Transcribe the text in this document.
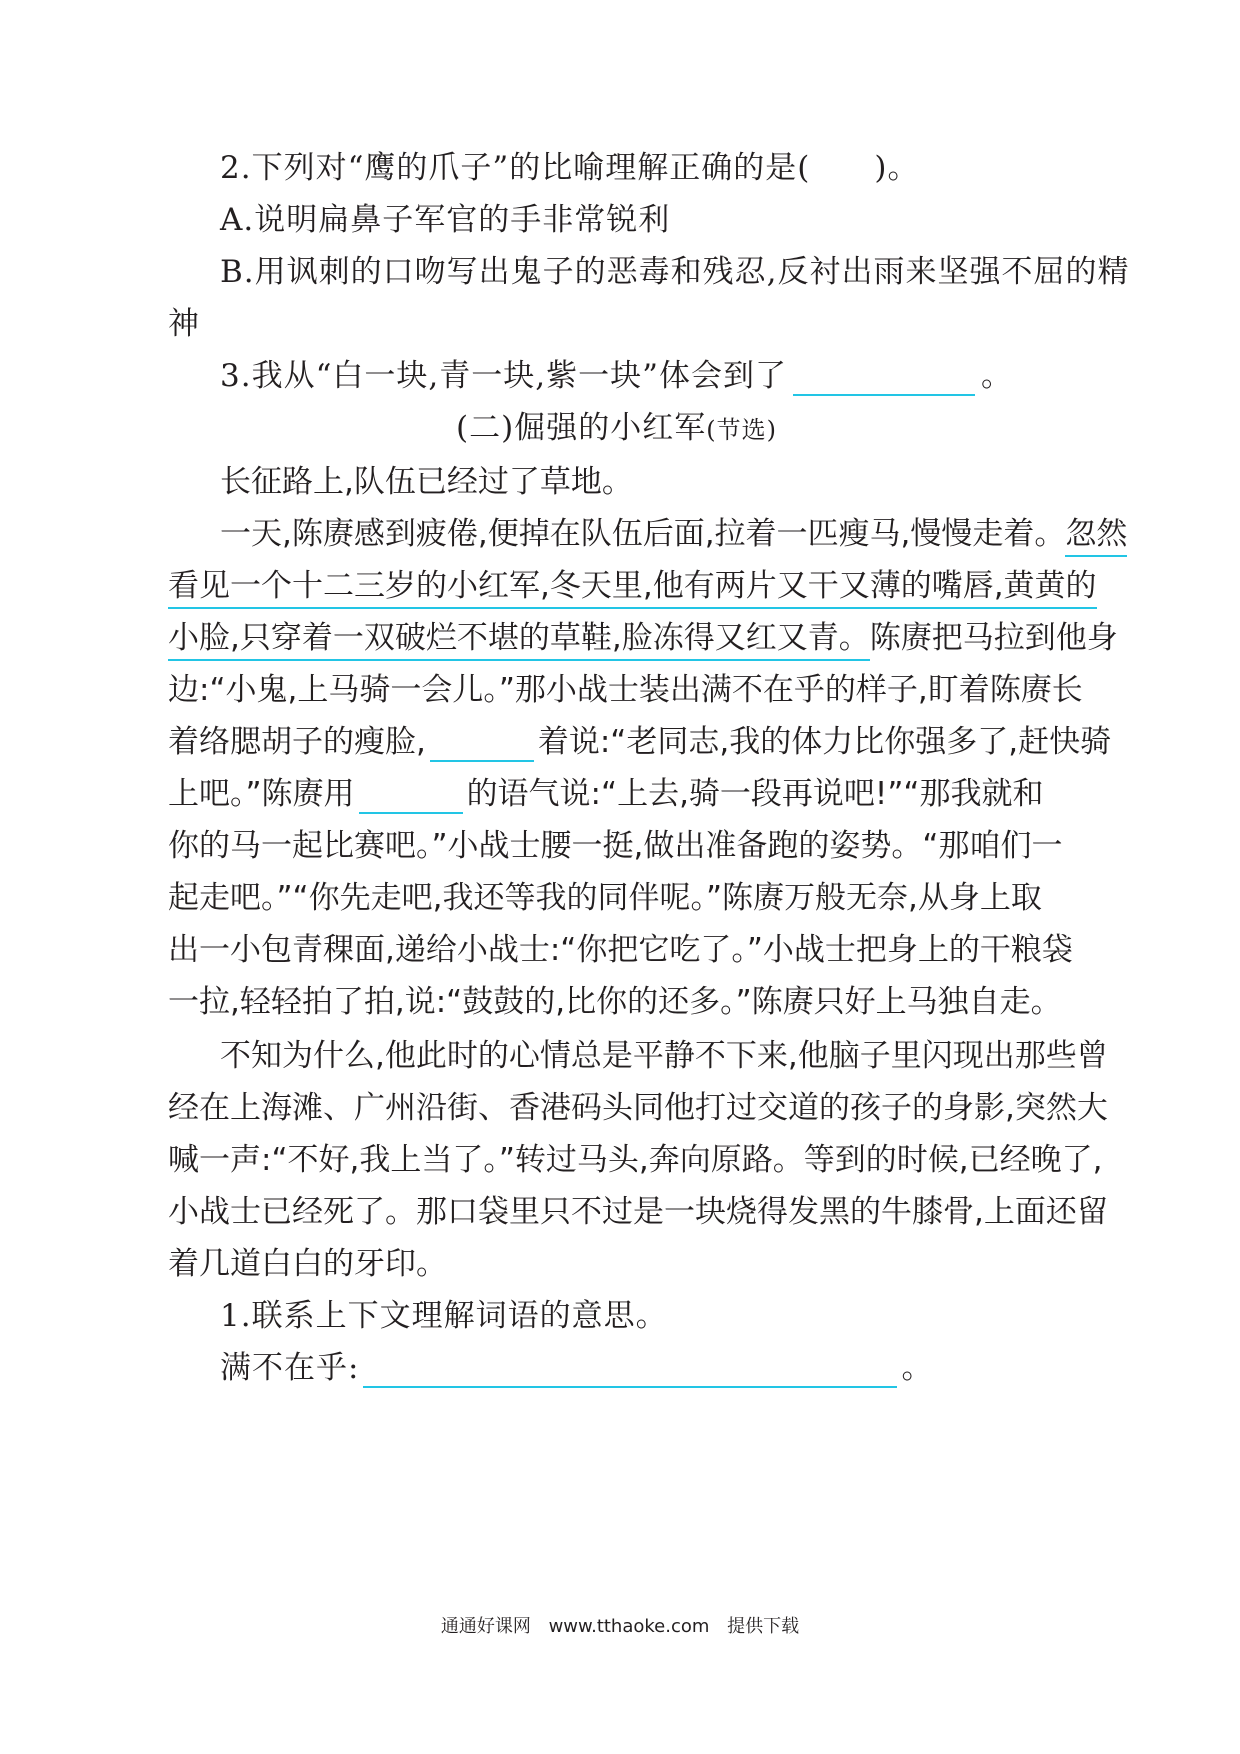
2.下列对“鹰的爪子”的比喻理解正确的是(　　)。
A.说明扁鼻子军官的手非常锐利
B.用讽刺的口吻写出鬼子的恶毒和残忍,反衬出雨来坚强不屈的精
神
3.我从“白一块,青一块,紫一块”体会到了	。
(二)倔强的小红军(节选)
长征路上,队伍已经过了草地。
一天,陈赓感到疲倦,便掉在队伍后面,拉着一匹瘦马,慢慢走着。忽然
看见一个十二三岁的小红军,冬天里,他有两片又干又薄的嘴唇,黄黄的
小脸,只穿着一双破烂不堪的草鞋,脸冻得又红又青。陈赓把马拉到他身
边:“小鬼,上马骑一会儿。”那小战士装出满不在乎的样子,盯着陈赓长
着络腮胡子的瘦脸,	着说:“老同志,我的体力比你强多了,赶快骑
上吧。”陈赓用	的语气说:“上去,骑一段再说吧!”“那我就和
你的马一起比赛吧。”小战士腰一挺,做出准备跑的姿势。“那咱们一
起走吧。”“你先走吧,我还等我的同伴呢。”陈赓万般无奈,从身上取
出一小包青稞面,递给小战士:“你把它吃了。”小战士把身上的干粮袋
一拉,轻轻拍了拍,说:“鼓鼓的,比你的还多。”陈赓只好上马独自走。
不知为什么,他此时的心情总是平静不下来,他脑子里闪现出那些曾
经在上海滩、广州沿街、香港码头同他打过交道的孩子的身影,突然大
喊一声:“不好,我上当了。”转过马头,奔向原路。等到的时候,已经晚了,
小战士已经死了。那口袋里只不过是一块烧得发黑的牛膝骨,上面还留
着几道白白的牙印。
1.联系上下文理解词语的意思。
满不在乎:	。
通通好课网 www.tthaoke.com 提供下载
